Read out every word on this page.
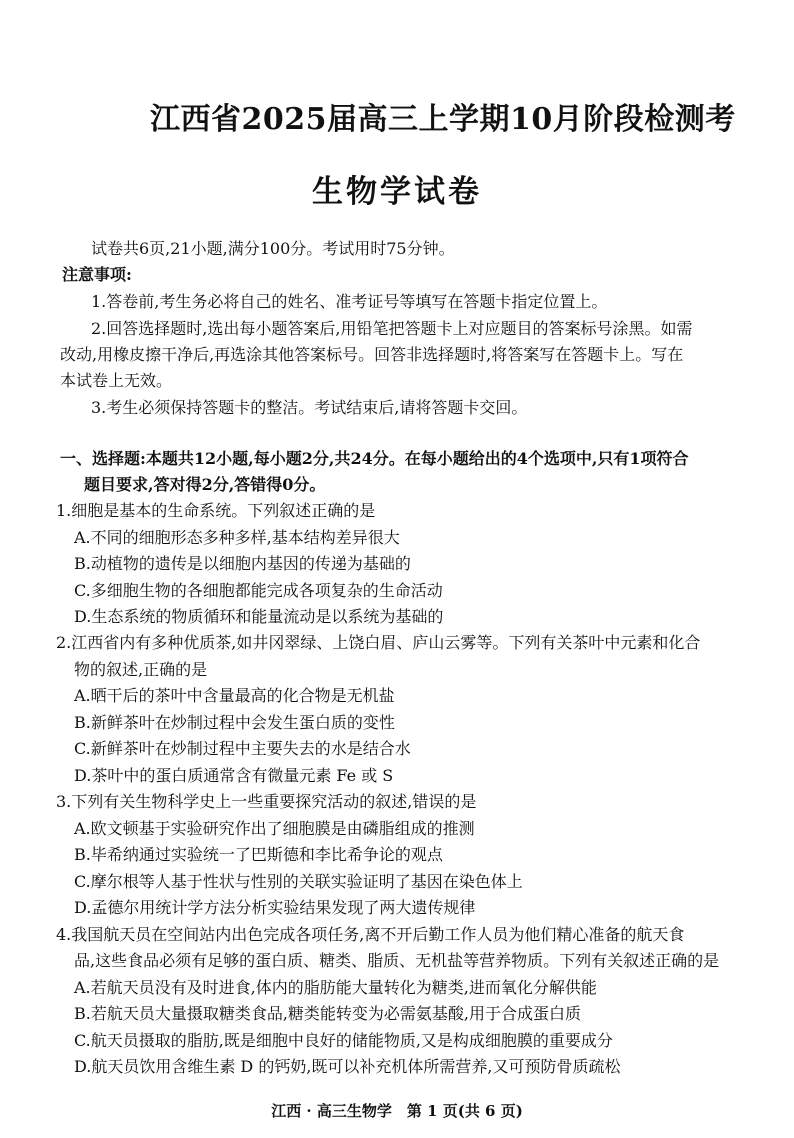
江西省2025届高三上学期10月阶段检测考
生物学试卷
试卷共6页,21小题,满分100分。考试用时75分钟。
注意事项:
1.答卷前,考生务必将自己的姓名、准考证号等填写在答题卡指定位置上。
2.回答选择题时,选出每小题答案后,用铅笔把答题卡上对应题目的答案标号涂黑。如需
改动,用橡皮擦干净后,再选涂其他答案标号。回答非选择题时,将答案写在答题卡上。写在
本试卷上无效。
3.考生必须保持答题卡的整洁。考试结束后,请将答题卡交回。
一、选择题:本题共12小题,每小题2分,共24分。在每小题给出的4个选项中,只有1项符合
题目要求,答对得2分,答错得0分。
1.细胞是基本的生命系统。下列叙述正确的是
A.不同的细胞形态多种多样,基本结构差异很大
B.动植物的遗传是以细胞内基因的传递为基础的
C.多细胞生物的各细胞都能完成各项复杂的生命活动
D.生态系统的物质循环和能量流动是以系统为基础的
2.江西省内有多种优质茶,如井冈翠绿、上饶白眉、庐山云雾等。下列有关茶叶中元素和化合
物的叙述,正确的是
A.晒干后的茶叶中含量最高的化合物是无机盐
B.新鲜茶叶在炒制过程中会发生蛋白质的变性
C.新鲜茶叶在炒制过程中主要失去的水是结合水
D.茶叶中的蛋白质通常含有微量元素 Fe 或 S
3.下列有关生物科学史上一些重要探究活动的叙述,错误的是
A.欧文顿基于实验研究作出了细胞膜是由磷脂组成的推测
B.毕希纳通过实验统一了巴斯德和李比希争论的观点
C.摩尔根等人基于性状与性别的关联实验证明了基因在染色体上
D.孟德尔用统计学方法分析实验结果发现了两大遗传规律
4.我国航天员在空间站内出色完成各项任务,离不开后勤工作人员为他们精心准备的航天食
品,这些食品必须有足够的蛋白质、糖类、脂质、无机盐等营养物质。下列有关叙述正确的是
A.若航天员没有及时进食,体内的脂肪能大量转化为糖类,进而氧化分解供能
B.若航天员大量摄取糖类食品,糖类能转变为必需氨基酸,用于合成蛋白质
C.航天员摄取的脂肪,既是细胞中良好的储能物质,又是构成细胞膜的重要成分
D.航天员饮用含维生素 D 的钙奶,既可以补充机体所需营养,又可预防骨质疏松
江西 · 高三生物学　第 1 页(共 6 页)
